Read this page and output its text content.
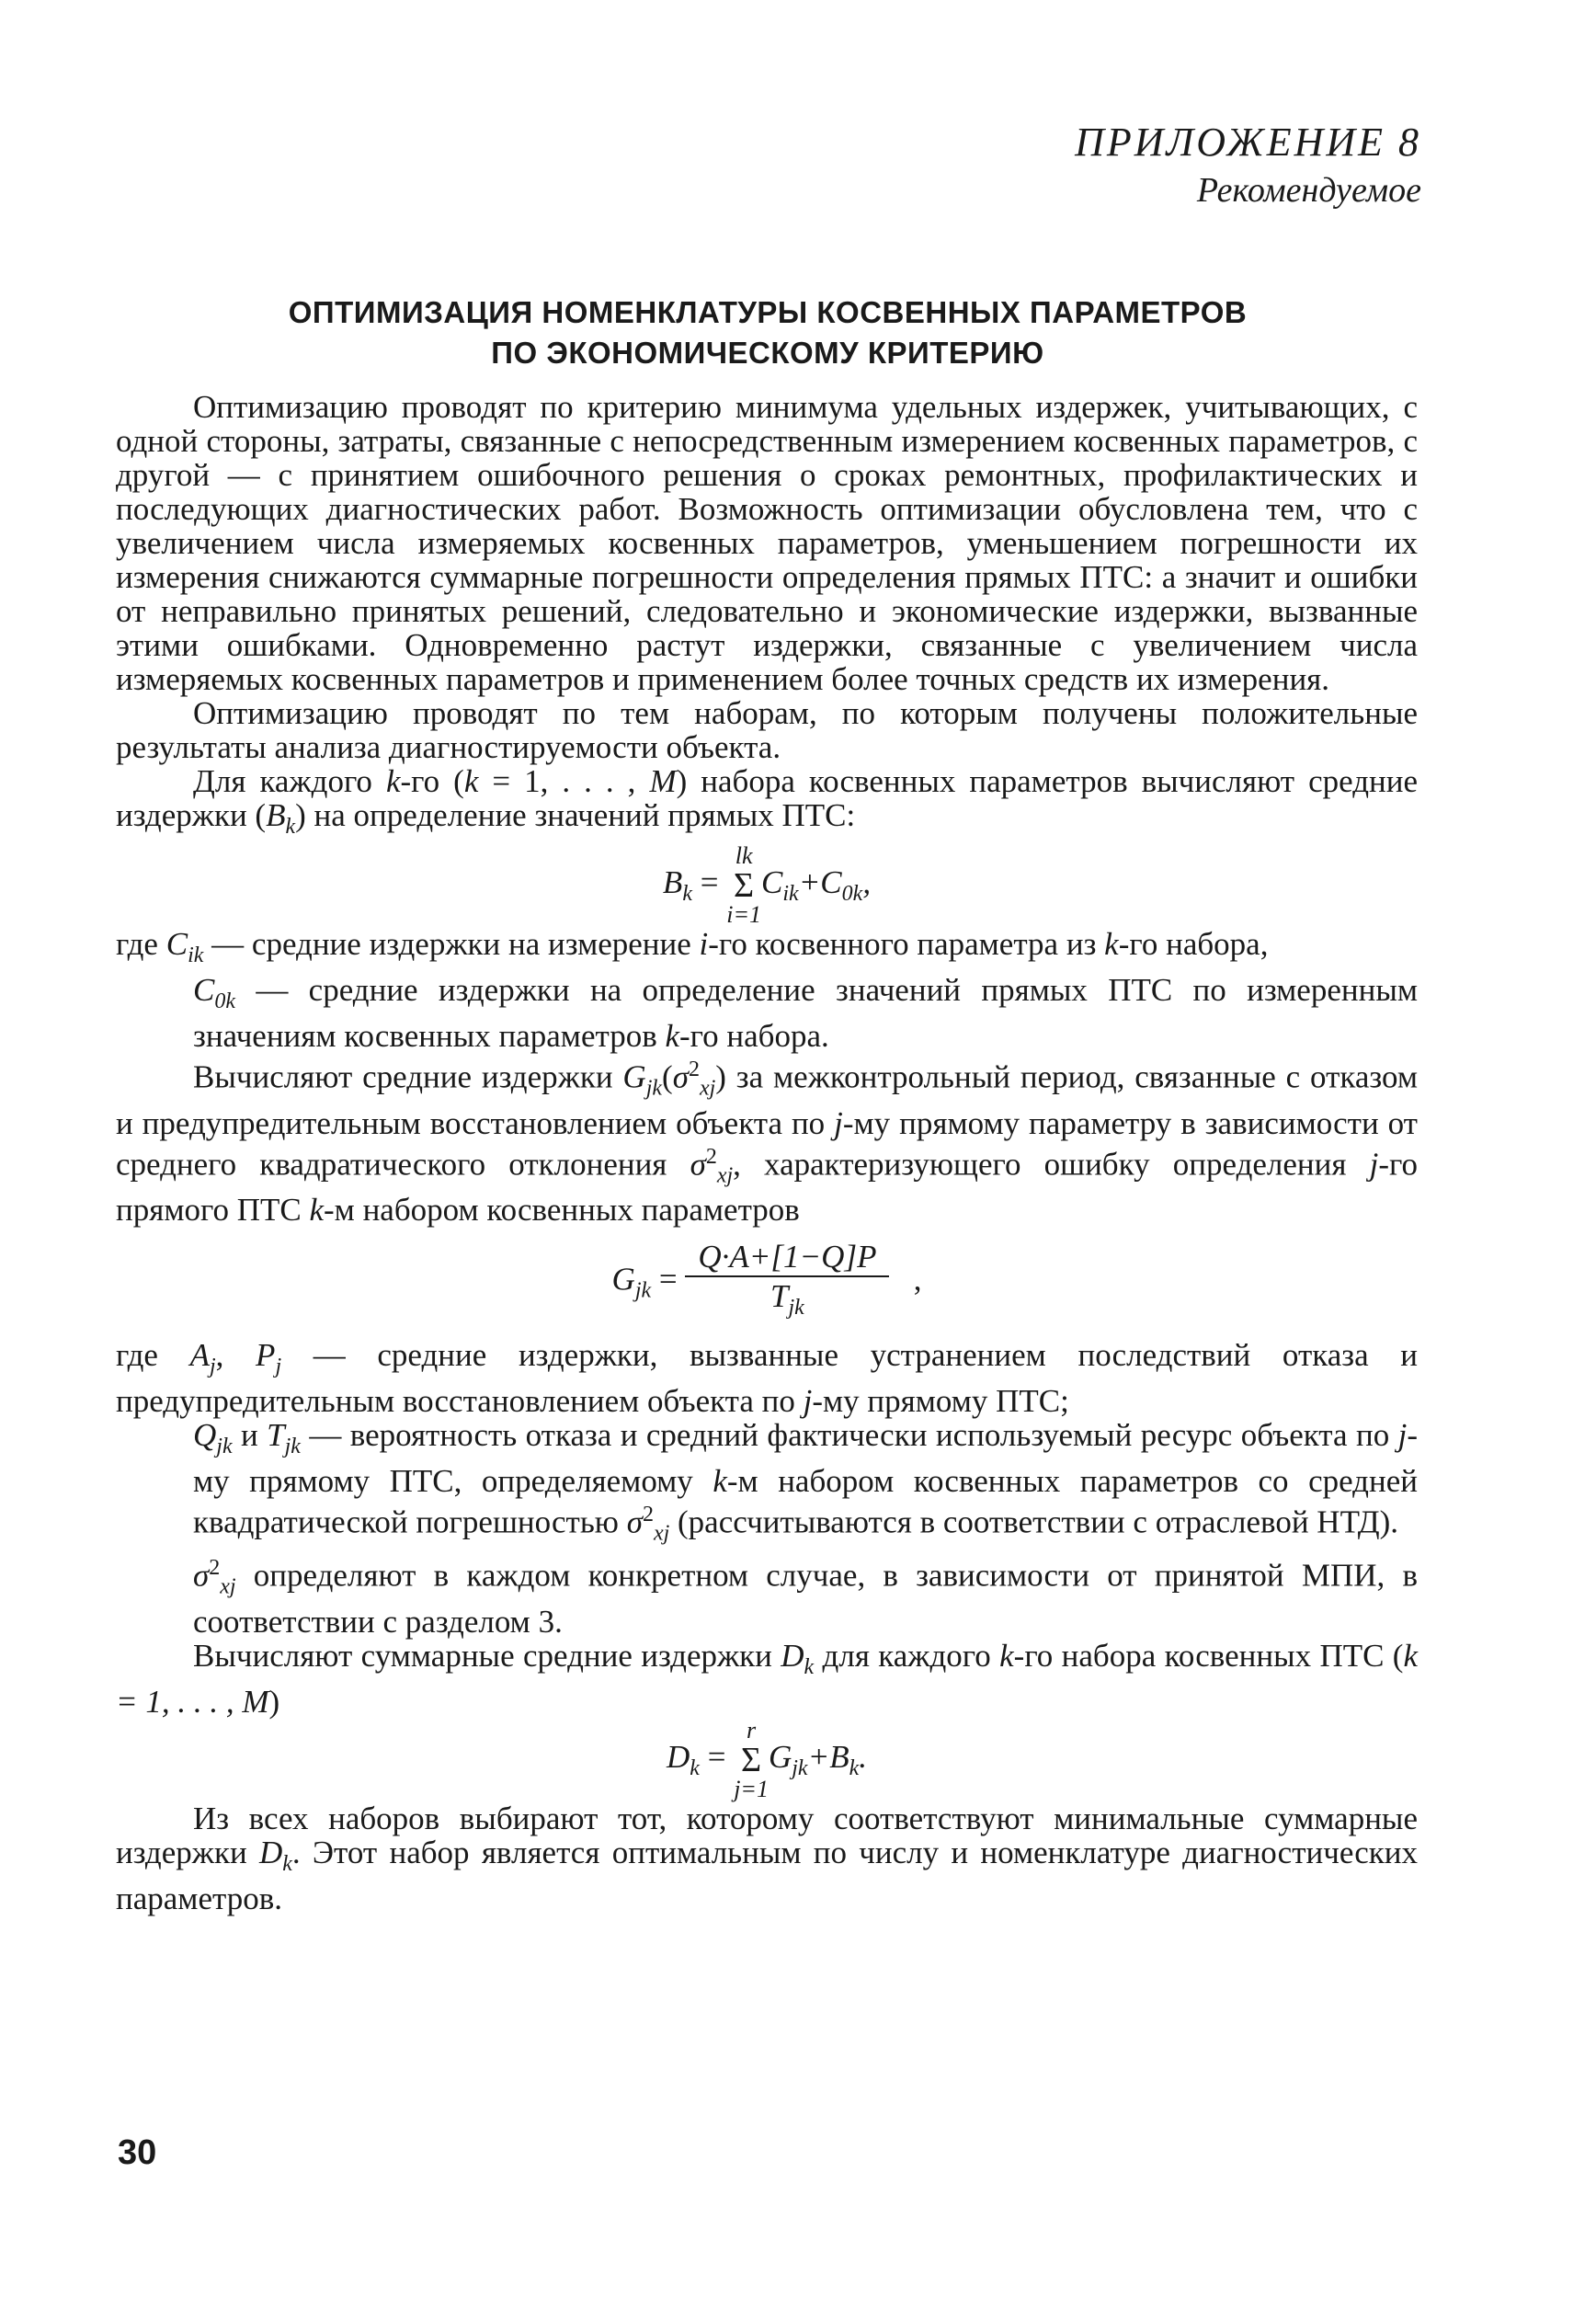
ПРИЛОЖЕНИЕ 8
Рекомендуемое
ОПТИМИЗАЦИЯ НОМЕНКЛАТУРЫ КОСВЕННЫХ ПАРАМЕТРОВ
ПО ЭКОНОМИЧЕСКОМУ КРИТЕРИЮ

Оптимизацию проводят по критерию минимума удельных издержек, учитывающих, с одной стороны, затраты, связанные с непосредственным измерением косвенных параметров, с другой — с принятием ошибочного решения о сроках ремонтных, профилактических и последующих диагностических работ. Возможность оптимизации обусловлена тем, что с увеличением числа измеряемых косвенных параметров, уменьшением погрешности их измерения снижаются суммарные погрешности определения прямых ПТС: а значит и ошибки от неправильно принятых решений, следовательно и экономические издержки, вызванные этими ошибками. Одновременно растут издержки, связанные с увеличением числа измеряемых косвенных параметров и применением более точных средств их измерения.

Оптимизацию проводят по тем наборам, по которым получены положительные результаты анализа диагностируемости объекта.

Для каждого k-го (k = 1, . . . , M) набора косвенных параметров вычисляют средние издержки $(B_k)$ на определение значений прямых ПТС:

$B_k$ =
lk
Σ
i=1
$C_{ik}+C_{0k}$,

где $C_{ik}$ — средние издержки на измерение i-го косвенного параметра из k-го набора,

$C_{0k}$ — средние издержки на определение значений прямых ПТС по измеренным значениям косвенных параметров k-го набора.

Вычисляют средние издержки $G_{jk}(\sigma^2_{xj})$ за межконтрольный период, связанные с отказом и предупредительным восстановлением объекта по j-му прямому параметру в зависимости от среднего квадратического отклонения $\sigma^2_{xj}$, характеризующего ошибку определения j-го прямого ПТС k-м набором косвенных параметров

$G_{jk} = \frac{Q\cdot A+[1-Q]P}{T_{jk}}$ ,

где $A_j$, $P_j$ — средние издержки, вызванные устранением последствий отказа и предупредительным восстановлением объекта по j-му прямому ПТС;

$Q_{jk}$ и $T_{jk}$ — вероятность отказа и средний фактически используемый ресурс объекта по j-му прямому ПТС, определяемому k-м набором косвенных параметров со средней квадратической погрешностью $\sigma^2_{xj}$ (рассчитываются в соответствии с отраслевой НТД).

$\sigma^2_{xj}$ определяют в каждом конкретном случае, в зависимости от принятой МПИ, в соответствии с разделом 3.

Вычисляют суммарные средние издержки $D_k$ для каждого k-го набора косвенных ПТС (k = 1, . . . , M)

$D_k$ =
r
Σ
j=1
$G_{jk}+B_k$.

Из всех наборов выбирают тот, которому соответствуют минимальные суммарные издержки $D_k$. Этот набор является оптимальным по числу и номенклатуре диагностических параметров.

30
